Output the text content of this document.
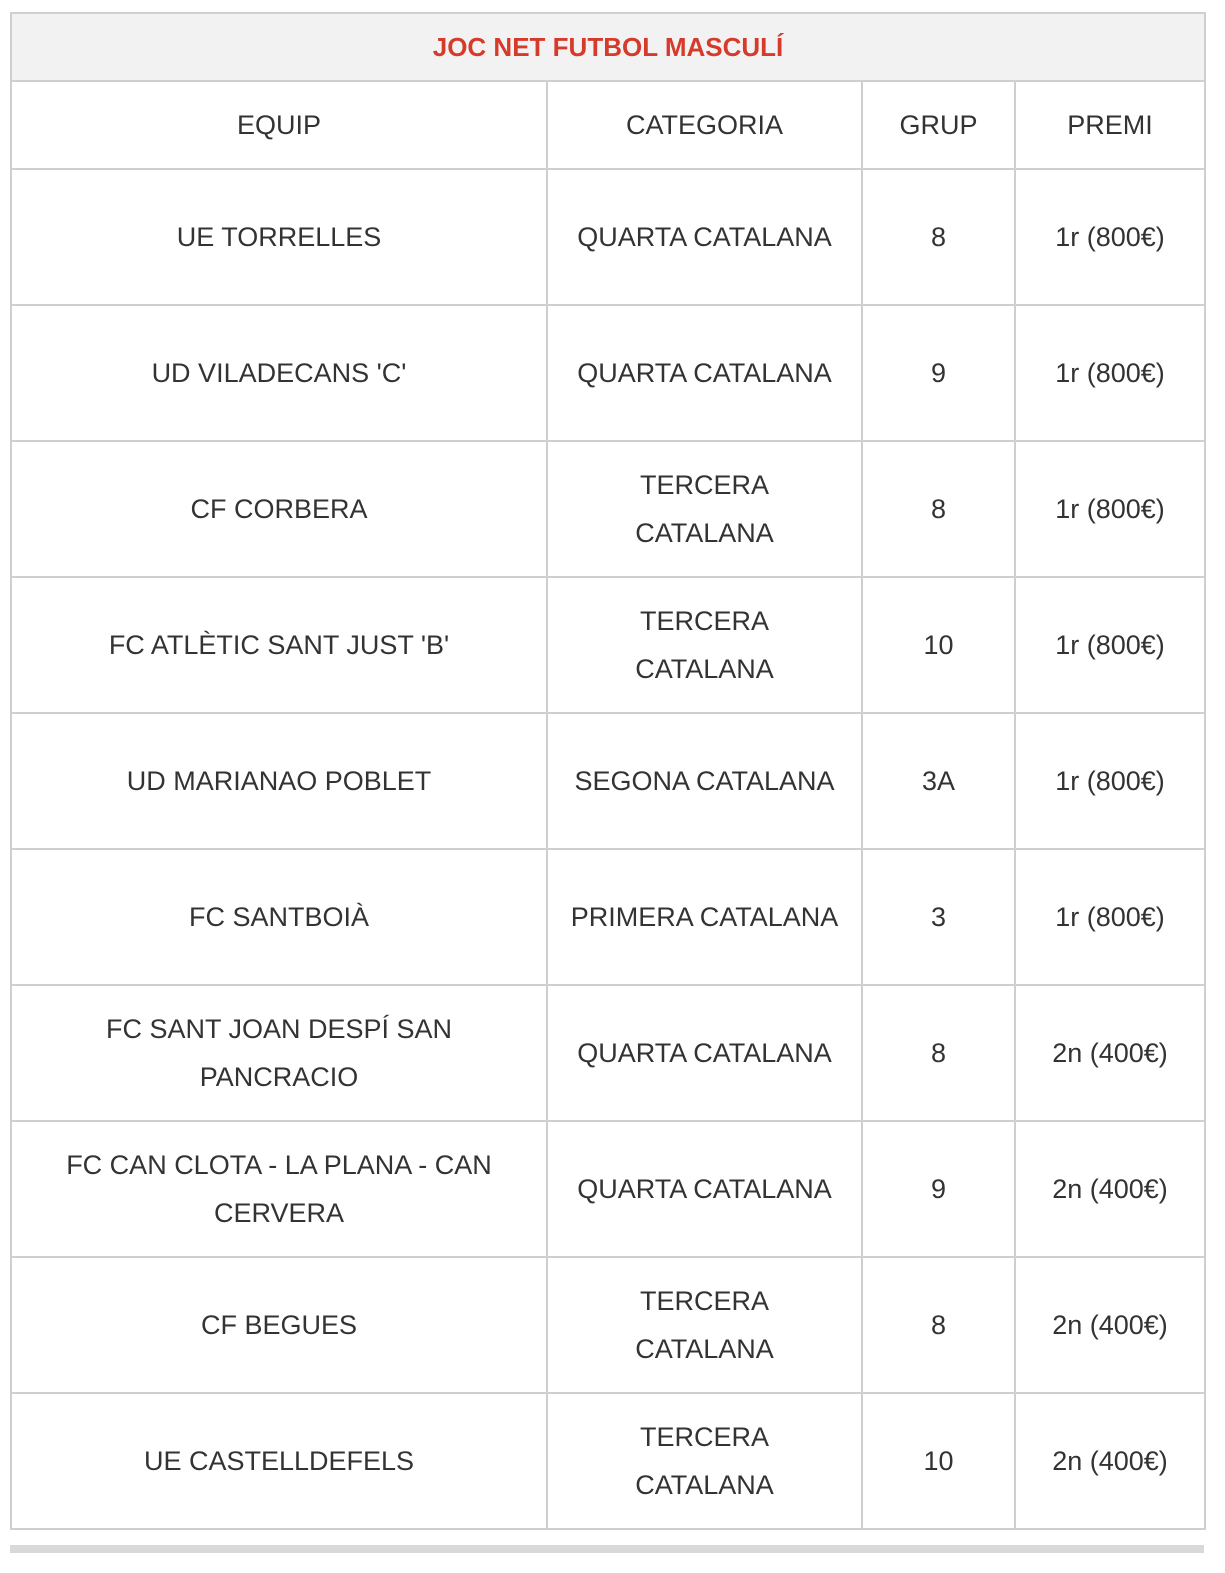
JOC NET FUTBOL MASCULÍ			
EQUIP	CATEGORIA	GRUP	PREMI
UE TORRELLES	QUARTA CATALANA	8	1r (800€)
UD VILADECANS 'C'	QUARTA CATALANA	9	1r (800€)
CF CORBERA	TERCERA CATALANA	8	1r (800€)
FC ATLÈTIC SANT JUST 'B'	TERCERA CATALANA	10	1r (800€)
UD MARIANAO POBLET	SEGONA CATALANA	3A	1r (800€)
FC SANTBOIÀ	PRIMERA CATALANA	3	1r (800€)
FC SANT JOAN DESPÍ SAN PANCRACIO	QUARTA CATALANA	8	2n (400€)
FC CAN CLOTA - LA PLANA - CAN CERVERA	QUARTA CATALANA	9	2n (400€)
CF BEGUES	TERCERA CATALANA	8	2n (400€)
UE CASTELLDEFELS	TERCERA CATALANA	10	2n (400€)
